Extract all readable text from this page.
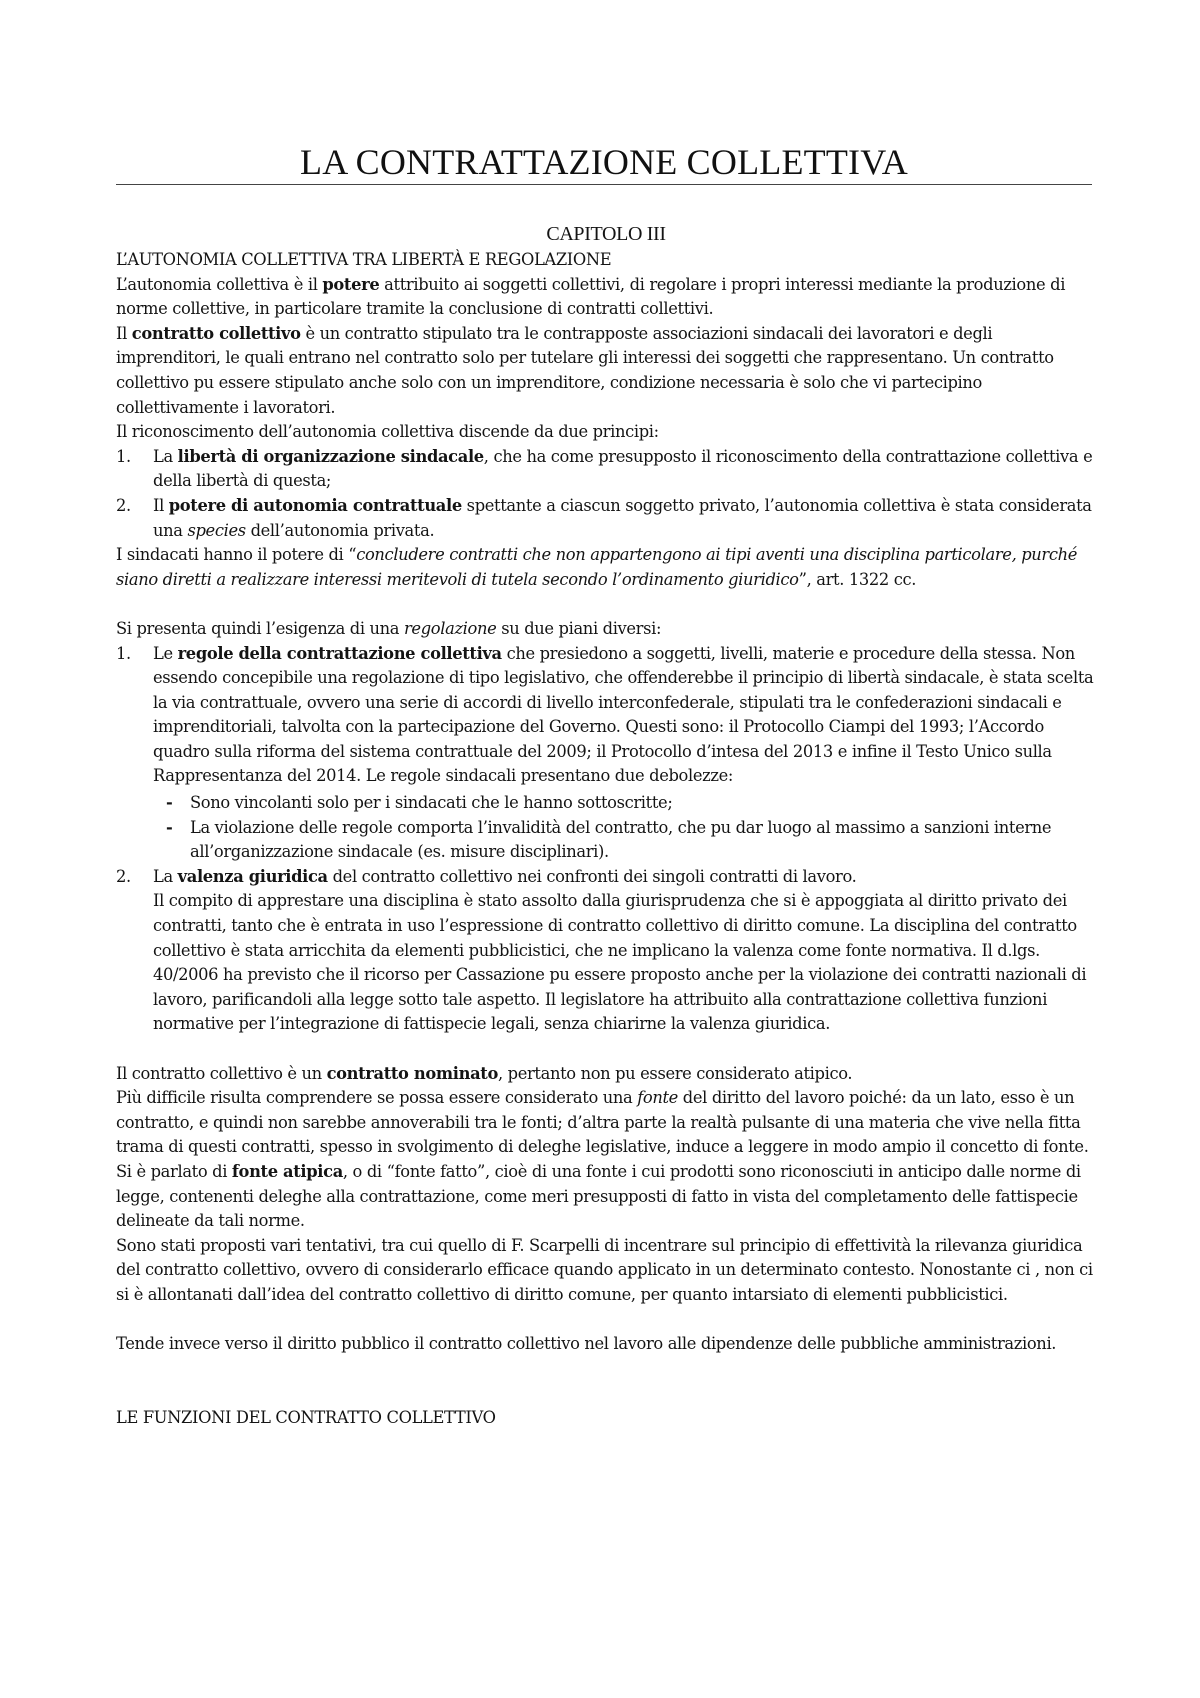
LA CONTRATTAZIONE COLLETTIVA

CAPITOLO III

L’AUTONOMIA COLLETTIVA TRA LIBERTÀ E REGOLAZIONE

L’autonomia collettiva è il potere attribuito ai soggetti collettivi, di regolare i propri interessi mediante la produzione di norme collettive, in particolare tramite la conclusione di contratti collettivi.

Il contratto collettivo è un contratto stipulato tra le contrapposte associazioni sindacali dei lavoratori e degli imprenditori, le quali entrano nel contratto solo per tutelare gli interessi dei soggetti che rappresentano. Un contratto collettivo pu essere stipulato anche solo con un imprenditore, condizione necessaria è solo che vi partecipino collettivamente i lavoratori.

Il riconoscimento dell’autonomia collettiva discende da due principi:

1. La libertà di organizzazione sindacale, che ha come presupposto il riconoscimento della contrattazione collettiva e della libertà di questa;
2. Il potere di autonomia contrattuale spettante a ciascun soggetto privato, l’autonomia collettiva è stata considerata una species dell’autonomia privata.

I sindacati hanno il potere di “concludere contratti che non appartengono ai tipi aventi una disciplina particolare, purché siano diretti a realizzare interessi meritevoli di tutela secondo l’ordinamento giuridico”, art. 1322 cc.

Si presenta quindi l’esigenza di una regolazione su due piani diversi:

1. Le regole della contrattazione collettiva che presiedono a soggetti, livelli, materie e procedure della stessa. Non essendo concepibile una regolazione di tipo legislativo, che offenderebbe il principio di libertà sindacale, è stata scelta la via contrattuale, ovvero una serie di accordi di livello interconfederale, stipulati tra le confederazioni sindacali e imprenditoriali, talvolta con la partecipazione del Governo. Questi sono: il Protocollo Ciampi del 1993; l’Accordo quadro sulla riforma del sistema contrattuale del 2009; il Protocollo d’intesa del 2013 e infine il Testo Unico sulla Rappresentanza del 2014. Le regole sindacali presentano due debolezze:
- Sono vincolanti solo per i sindacati che le hanno sottoscritte;
- La violazione delle regole comporta l’invalidità del contratto, che pu dar luogo al massimo a sanzioni interne all’organizzazione sindacale (es. misure disciplinari).
2. La valenza giuridica del contratto collettivo nei confronti dei singoli contratti di lavoro.
Il compito di apprestare una disciplina è stato assolto dalla giurisprudenza che si è appoggiata al diritto privato dei contratti, tanto che è entrata in uso l’espressione di contratto collettivo di diritto comune. La disciplina del contratto collettivo è stata arricchita da elementi pubblicistici, che ne implicano la valenza come fonte normativa. Il d.lgs. 40/2006 ha previsto che il ricorso per Cassazione pu essere proposto anche per la violazione dei contratti nazionali di lavoro, parificandoli alla legge sotto tale aspetto. Il legislatore ha attribuito alla contrattazione collettiva funzioni normative per l’integrazione di fattispecie legali, senza chiarirne la valenza giuridica.

Il contratto collettivo è un contratto nominato, pertanto non pu essere considerato atipico.

Più difficile risulta comprendere se possa essere considerato una fonte del diritto del lavoro poiché: da un lato, esso è un contratto, e quindi non sarebbe annoverabili tra le fonti; d’altra parte la realtà pulsante di una materia che vive nella fitta trama di questi contratti, spesso in svolgimento di deleghe legislative, induce a leggere in modo ampio il concetto di fonte. Si è parlato di fonte atipica, o di “fonte fatto”, cioè di una fonte i cui prodotti sono riconosciuti in anticipo dalle norme di legge, contenenti deleghe alla contrattazione, come meri presupposti di fatto in vista del completamento delle fattispecie delineate da tali norme.

Sono stati proposti vari tentativi, tra cui quello di F. Scarpelli di incentrare sul principio di effettività la rilevanza giuridica del contratto collettivo, ovvero di considerarlo efficace quando applicato in un determinato contesto. Nonostante ci , non ci si è allontanati dall’idea del contratto collettivo di diritto comune, per quanto intarsiato di elementi pubblicistici.

Tende invece verso il diritto pubblico il contratto collettivo nel lavoro alle dipendenze delle pubbliche amministrazioni.

LE FUNZIONI DEL CONTRATTO COLLETTIVO
